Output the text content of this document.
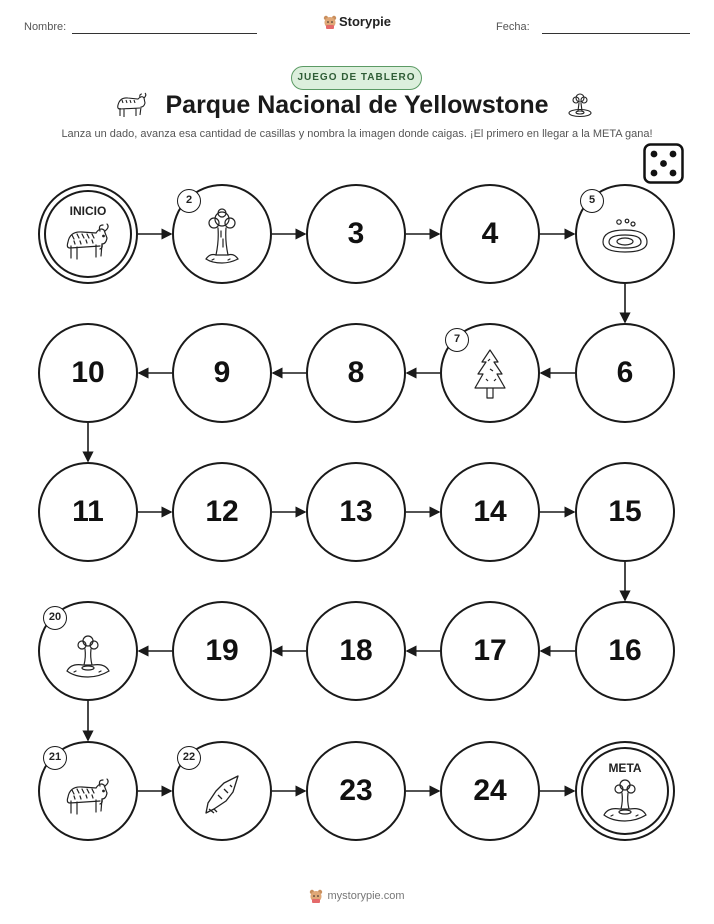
Nombre:	Fecha:
Storypie
JUEGO DE TABLERO
Parque Nacional de Yellowstone
Lanza un dado, avanza esa cantidad de casillas y nombra la imagen donde caigas. ¡El primero en llegar a la META gana!
INICIO
2
3	4
5
6
7
8
9
10
11	12	13	14	15
16
17
18
19
20
21	22
23	24
META
mystorypie.com
